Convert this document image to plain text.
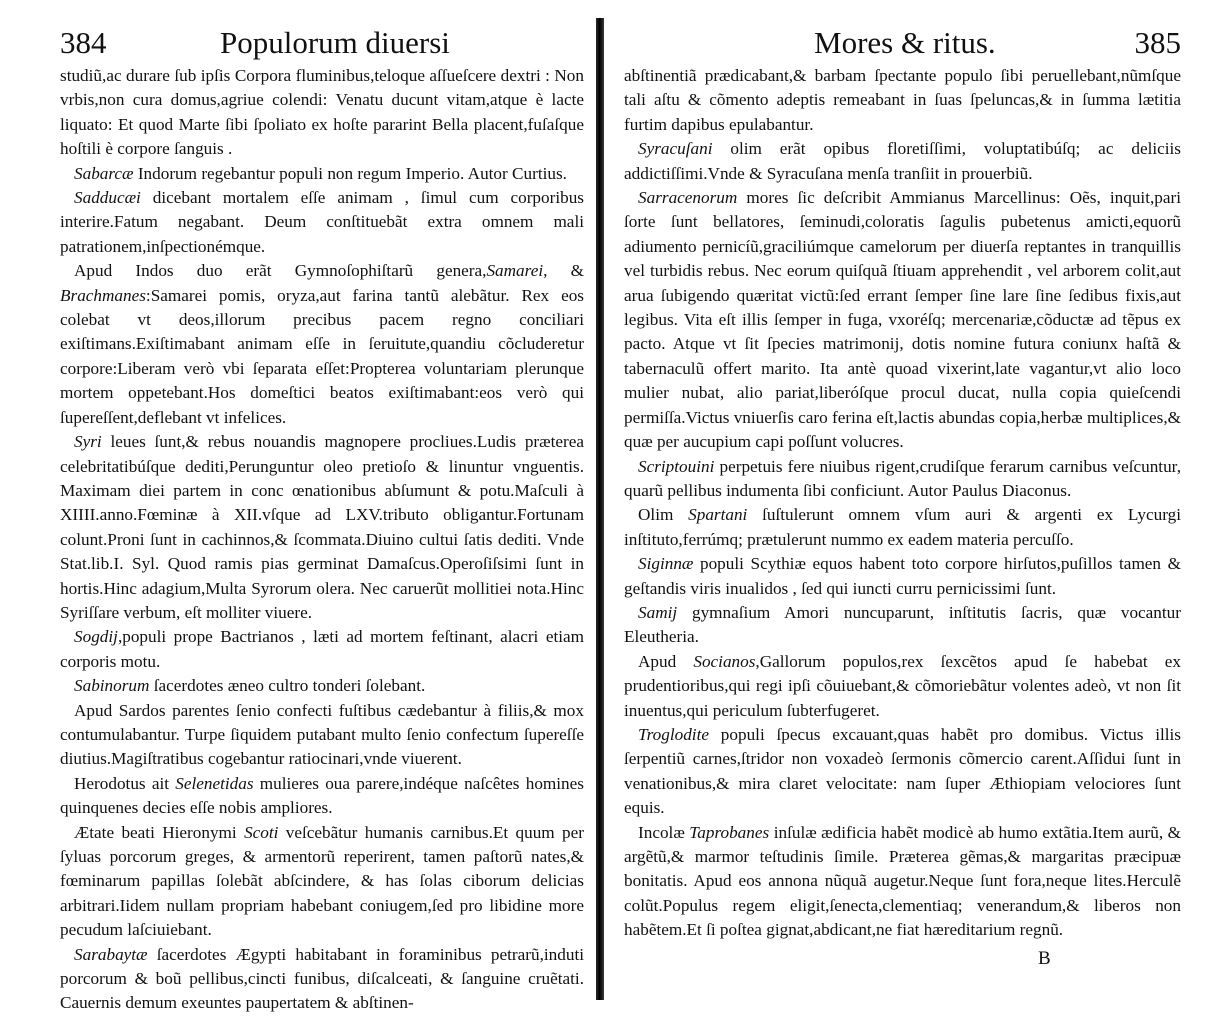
384	Populorum diuersi

studiũ,ac durare ſub ipſis Corpora fluminibus,teloque aſſueſcere dextri : Non vrbis,non cura domus,agriue colendi: Venatu ducunt vitam,atque è lacte liquato: Et quod Marte ſibi ſpoliato ex hoſte pararint Bella placent,fuſaſque hoſtili è corpore ſanguis .

Sabarcæ Indorum regebantur populi non regum Imperio. Autor Curtius.

Sadducæi dicebant mortalem eſſe animam , ſimul cum corporibus interire.Fatum negabant. Deum conſtituebãt extra omnem mali patrationem,inſpectionémque.

Apud Indos duo erãt Gymnoſophiſtarũ genera,Samarei, & Brachmanes:Samarei pomis, oryza,aut farina tantũ alebãtur. Rex eos colebat vt deos,illorum precibus pacem regno conciliari exiſtimans.Exiſtimabant animam eſſe in ſeruitute,quandiu cõcluderetur corpore:Liberam verò vbi ſeparata eſſet:Propterea voluntariam plerunque mortem oppetebant.Hos domeſtici beatos exiſtimabant:eos verò qui ſupereſſent,deflebant vt infelices.

Syri leues ſunt,& rebus nouandis magnopere procliues.Ludis præterea celebritatibúſque dediti,Perunguntur oleo pretioſo & linuntur vnguentis. Maximam diei partem in conc œnationibus abſumunt & potu.Maſculi à XIIII.anno.Fœminæ à XII.vſque ad LXV.tributo obligantur.Fortunam colunt.Proni ſunt in cachinnos,& ſcommata.Diuino cultui ſatis dediti. Vnde Stat.lib.I. Syl. Quod ramis pias germinat Damaſcus.Operoſiſsimi ſunt in hortis.Hinc adagium,Multa Syrorum olera. Nec caruerũt mollitiei nota.Hinc Syriſſare verbum, eſt molliter viuere.

Sogdij,populi prope Bactrianos , læti ad mortem feſtinant, alacri etiam corporis motu.

Sabinorum ſacerdotes æneo cultro tonderi ſolebant.

Apud Sardos parentes ſenio confecti fuſtibus cædebantur à filiis,& mox contumulabantur. Turpe ſiquidem putabant multo ſenio confectum ſupereſſe diutius.Magiſtratibus cogebantur ratiocinari,vnde viuerent.

Herodotus ait Selenetidas mulieres oua parere,indéque naſcêtes homines quinquenes decies eſſe nobis ampliores.

Ætate beati Hieronymi Scoti veſcebãtur humanis carnibus.Et quum per ſyluas porcorum greges, & armentorũ reperirent, tamen paſtorũ nates,& fœminarum papillas ſolebãt abſcindere, & has ſolas ciborum delicias arbitrari.Iidem nullam propriam habebant coniugem,ſed pro libidine more pecudum laſciuiebant.

Sarabaytæ ſacerdotes Ægypti habitabant in foraminibus petrarũ,induti porcorum & boũ pellibus,cincti funibus, diſcalceati, & ſanguine cruẽtati. Cauernis demum exeuntes paupertatem & abſtinen-

Mores & ritus.	385

abſtinentiã prædicabant,& barbam ſpectante populo ſibi peruellebant,nũmſque tali aſtu & cõmento adeptis remeabant in ſuas ſpeluncas,& in ſumma lætitia furtim dapibus epulabantur.

Syracuſani olim erãt opibus floretiſſimi, voluptatibúſq; ac deliciis addictiſſimi.Vnde & Syracuſana menſa tranſiit in prouerbiũ.

Sarracenorum mores ſic deſcribit Ammianus Marcellinus: Oẽs, inquit,pari ſorte ſunt bellatores, ſeminudi,coloratis ſagulis pubetenus amicti,equorũ adiumento pernicíũ,graciliúmque camelorum per diuerſa reptantes in tranquillis vel turbidis rebus. Nec eorum quiſquã ſtiuam apprehendit , vel arborem colit,aut arua ſubigendo quæritat victũ:ſed errant ſemper ſine lare ſine ſedibus fixis,aut legibus. Vita eſt illis ſemper in fuga, vxoréſq; mercenariæ,cõductæ ad tẽpus ex pacto. Atque vt ſit ſpecies matrimonij, dotis nomine futura coniunx haſtã & tabernaculũ offert marito. Ita antè quoad vixerint,late vagantur,vt alio loco mulier nubat, alio pariat,liberóſque procul ducat, nulla copia quieſcendi permiſſa.Victus vniuerſis caro ferina eſt,lactis abundas copia,herbæ multiplices,& quæ per aucupium capi poſſunt volucres.

Scriptouini perpetuis fere niuibus rigent,crudiſque ferarum carnibus veſcuntur, quarũ pellibus indumenta ſibi conficiunt. Autor Paulus Diaconus.

Olim Spartani ſuſtulerunt omnem vſum auri & argenti ex Lycurgi inſtituto,ferrúmq; prætulerunt nummo ex eadem materia percuſſo.

Siginnæ populi Scythiæ equos habent toto corpore hirſutos,puſillos tamen & geſtandis viris inualidos , ſed qui iuncti curru pernicissimi ſunt.

Samij gymnaſium Amori nuncuparunt, inſtitutis ſacris, quæ vocantur Eleutheria.

Apud Socianos,Gallorum populos,rex ſexcẽtos apud ſe habebat ex prudentioribus,qui regi ipſi cõuiuebant,& cõmoriebãtur volentes adeò, vt non ſit inuentus,qui periculum ſubterfugeret.

Troglodite populi ſpecus excauant,quas habẽt pro domibus. Victus illis ſerpentiũ carnes,ſtridor non voxadeò ſermonis cõmercio carent.Aſſidui ſunt in venationibus,& mira claret velocitate: nam ſuper Æthiopiam velociores ſunt equis.

Incolæ Taprobanes inſulæ ædificia habẽt modicè ab humo extãtia.Item aurũ, & argẽtũ,& marmor teſtudinis ſimile. Præterea gẽmas,& margaritas præcipuæ bonitatis. Apud eos annona nũquã augetur.Neque ſunt fora,neque lites.Herculẽ colũt.Populus regem eligit,ſenecta,clementiaq; venerandum,& liberos non habẽtem.Et ſi poſtea gignat,abdicant,ne fiat hæreditarium regnũ.

B
